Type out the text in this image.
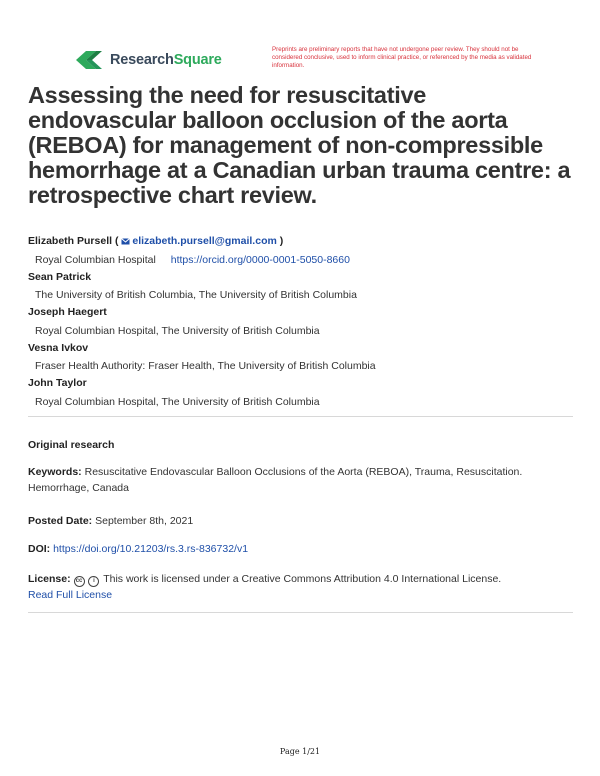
ResearchSquare
Preprints are preliminary reports that have not undergone peer review. They should not be considered conclusive, used to inform clinical practice, or referenced by the media as validated information.
Assessing the need for resuscitative endovascular balloon occlusion of the aorta (REBOA) for management of non-compressible hemorrhage at a Canadian urban trauma centre: a retrospective chart review.
Elizabeth Pursell ( elizabeth.pursell@gmail.com )
Royal Columbian Hospital https://orcid.org/0000-0001-5050-8660
Sean Patrick
The University of British Columbia, The University of British Columbia
Joseph Haegert
Royal Columbian Hospital, The University of British Columbia
Vesna Ivkov
Fraser Health Authority: Fraser Health, The University of British Columbia
John Taylor
Royal Columbian Hospital, The University of British Columbia
Original research
Keywords: Resuscitative Endovascular Balloon Occlusions of the Aorta (REBOA), Trauma, Resuscitation. Hemorrhage, Canada
Posted Date: September 8th, 2021
DOI: https://doi.org/10.21203/rs.3.rs-836732/v1
License: cc i This work is licensed under a Creative Commons Attribution 4.0 International License.
Read Full License
Page 1/21
